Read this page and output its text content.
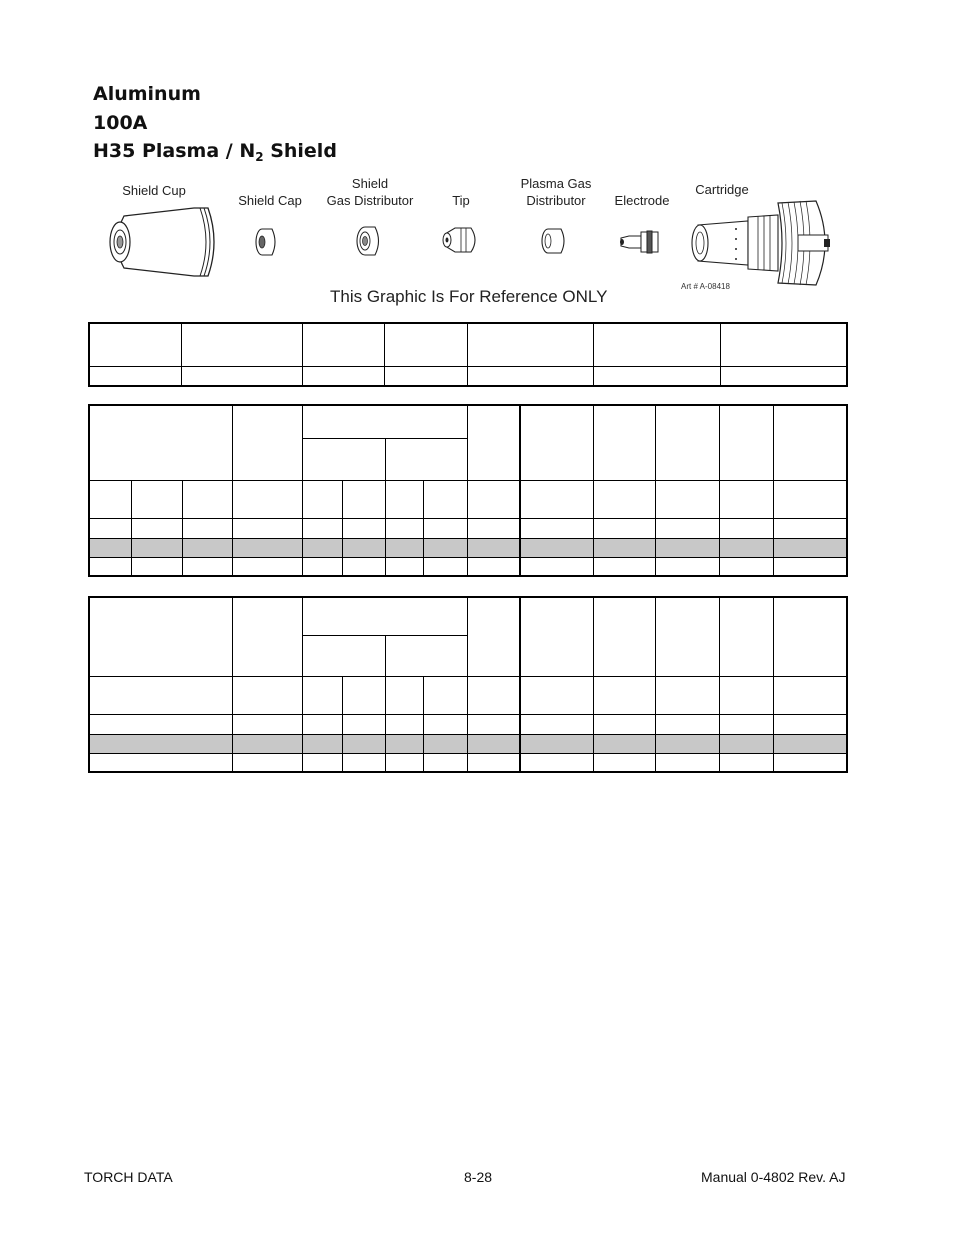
Aluminum
100A
H35 Plasma / $N_2$ Shield
Shield Cup
Shield Cap
Shield
Gas Distributor	Tip
Plasma Gas
Distributor	Electrode
Cartridge
This Graphic Is For Reference ONLY
Art # A-08418

TORCH DATA	8-28	Manual 0-4802 Rev. AJ
